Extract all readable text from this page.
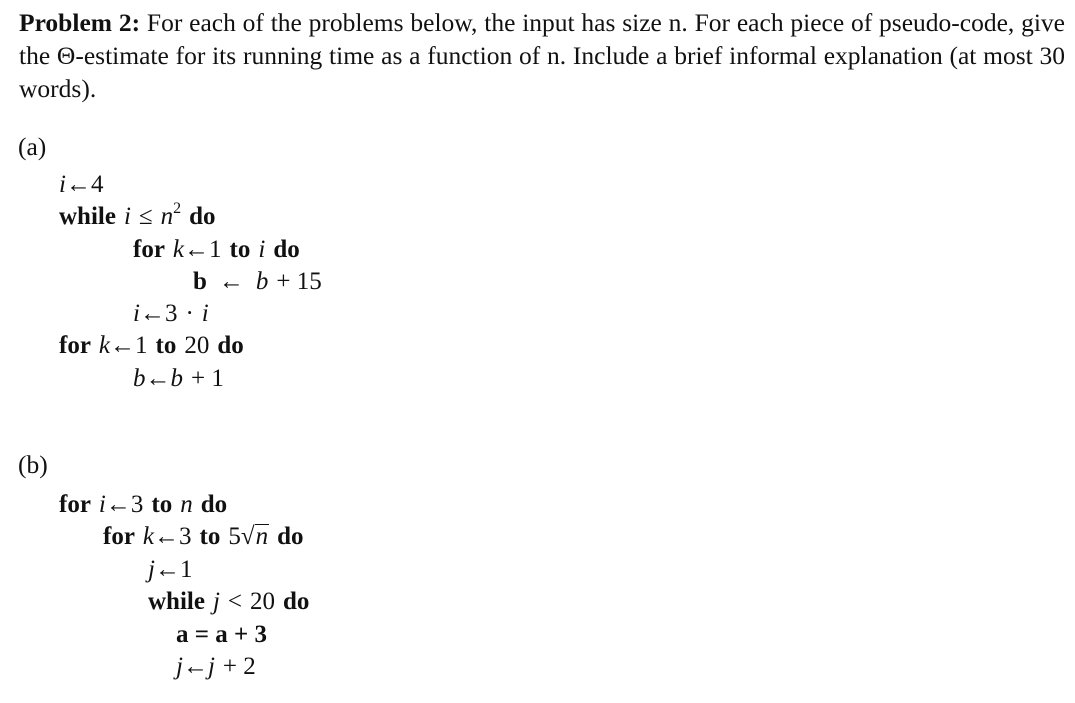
Problem 2: For each of the problems below, the input has size n. For each piece of pseudo-code, give the Θ-estimate for its running time as a function of n. Include a brief informal explanation (at most 30 words).
(a)
i←4
while $i \le n^2$ do
for k←1 to i do
b ← b + 15
i←3 · i
for k←1 to 20 do
b←b + 1
(b)
for i←3 to n do
for k←3 to 5√n do
j←1
while j < 20 do
a = a + 3
j←j + 2
